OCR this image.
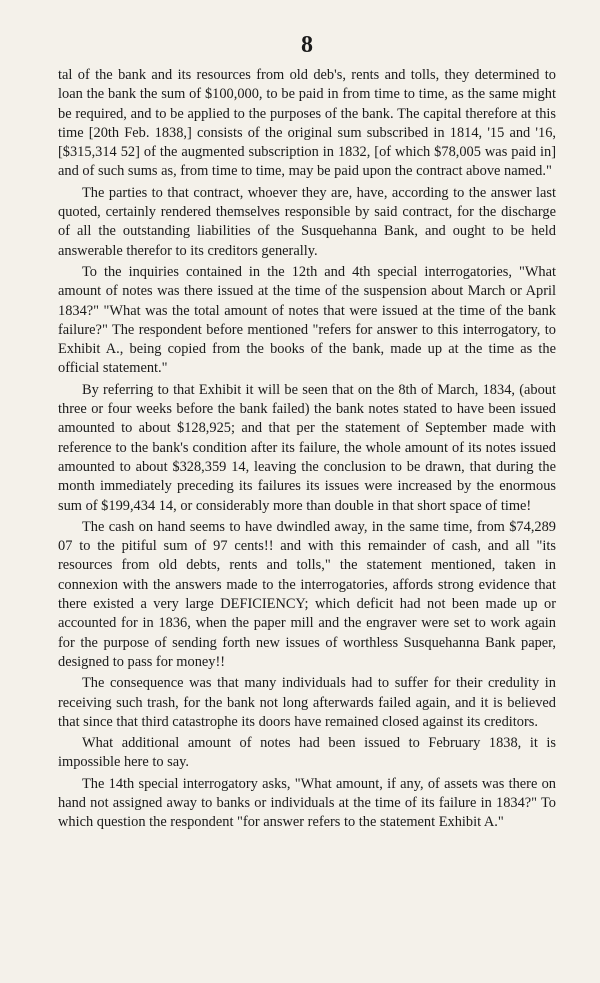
8

tal of the bank and its resources from old deb's, rents and tolls, they determined to loan the bank the sum of $100,000, to be paid in from time to time, as the same might be required, and to be applied to the purposes of the bank. The capital therefore at this time [20th Feb. 1838,] consists of the original sum subscribed in 1814, '15 and '16, [$315,314 52] of the augmented subscription in 1832, [of which $78,005 was paid in] and of such sums as, from time to time, may be paid upon the contract above named."

The parties to that contract, whoever they are, have, according to the answer last quoted, certainly rendered themselves responsible by said contract, for the discharge of all the outstanding liabilities of the Susquehanna Bank, and ought to be held answerable therefor to its creditors generally.

To the inquiries contained in the 12th and 4th special interrogatories, "What amount of notes was there issued at the time of the suspension about March or April 1834?" "What was the total amount of notes that were issued at the time of the bank failure?" The respondent before mentioned "refers for answer to this interrogatory, to Exhibit A., being copied from the books of the bank, made up at the time as the official statement."

By referring to that Exhibit it will be seen that on the 8th of March, 1834, (about three or four weeks before the bank failed) the bank notes stated to have been issued amounted to about $128,925; and that per the statement of September made with reference to the bank's condition after its failure, the whole amount of its notes issued amounted to about $328,359 14, leaving the conclusion to be drawn, that during the month immediately preceding its failures its issues were increased by the enormous sum of $199,434 14, or considerably more than double in that short space of time!

The cash on hand seems to have dwindled away, in the same time, from $74,289 07 to the pitiful sum of 97 cents!! and with this remainder of cash, and all "its resources from old debts, rents and tolls," the statement mentioned, taken in connexion with the answers made to the interrogatories, affords strong evidence that there existed a very large DEFICIENCY; which deficit had not been made up or accounted for in 1836, when the paper mill and the engraver were set to work again for the purpose of sending forth new issues of worthless Susquehanna Bank paper, designed to pass for money!!

The consequence was that many individuals had to suffer for their credulity in receiving such trash, for the bank not long afterwards failed again, and it is believed that since that third catastrophe its doors have remained closed against its creditors.

What additional amount of notes had been issued to February 1838, it is impossible here to say.

The 14th special interrogatory asks, "What amount, if any, of assets was there on hand not assigned away to banks or individuals at the time of its failure in 1834?" To which question the respondent "for answer refers to the statement Exhibit A."
